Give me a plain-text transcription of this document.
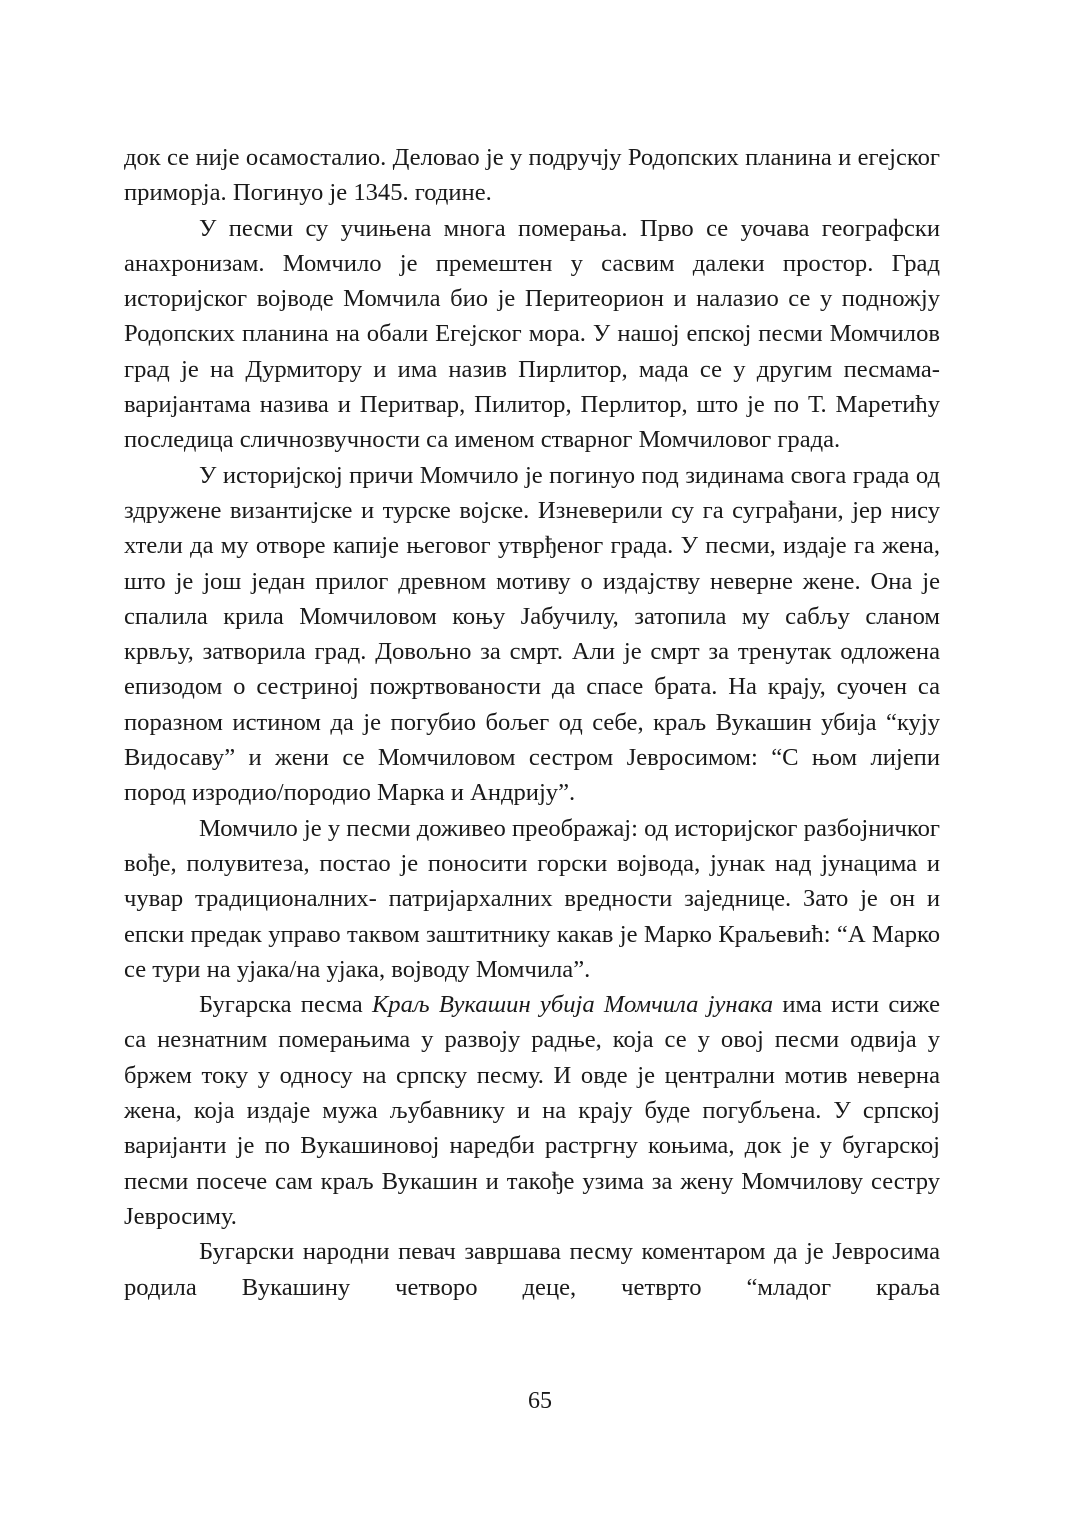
док се није осамосталио. Деловао је у подручју Родопских планина и егејског приморја. Погинуо је 1345. године.

У песми су учињена многа померања. Прво се уочава географски анахронизам. Момчило је премештен у сасвим далеки простор. Град историјског војводе Момчила био је Перитеорион и налазио се у подножју Родопских планина на обали Егејског мора. У нашој епској песми Момчилов град је на Дурмитору и има назив Пирлитор, мада се у другим песмама-варијантама назива и Перитвар, Пилитор, Перлитор, што је по Т. Маретићу последица сличнозвучности са именом стварног Момчиловог града.

У историјској причи Момчило је погинуо под зидинама свога града од здружене византијске и турске војске. Изневерили су га суграђани, јер нису хтели да му отворе капије његовог утврђеног града. У песми, издаје га жена, што је још један прилог древном мотиву о издајству неверне жене. Она је спалила крила Момчиловом коњу Јабучилу, затопила му сабљу сланом крвљу, затворила град. Довољно за смрт. Али је смрт за тренутак одложена епизодом о сестриној пожртвованости да спасе брата. На крају, суочен са поразном истином да је погубио бољег од себе, краљ Вукашин убија “кују Видосаву” и жени се Момчиловом сестром Јевросимом: “С њом лијепи пород изродио/породио Марка и Андрију”.

Момчило је у песми доживео преображај: од историјског разбојничког вође, полувитеза, постао је поносити горски војвода, јунак над јунацима и чувар традиционалних- патријархалних вредности заједнице. Зато је он и епски предак управо таквом заштитнику какав је Марко Краљевић: “А Марко се тури на ујака/на ујака, војводу Момчила”.

Бугарска песма Краљ Вукашин убија Момчила јунака има исти сиже са незнатним померањима у развоју радње, која се у овој песми одвија у бржем току у односу на српску песму. И овде је централни мотив неверна жена, која издаје мужа љубавнику и на крају буде погубљена. У српској варијанти је по Вукашиновој наредби растргну коњима, док је у бугарској песми посече сам краљ Вукашин и такође узима за жену Момчилову сестру Јевросиму.

Бугарски народни певач завршава песму коментаром да је Јевросима родила Вукашину четворо деце, четврто “младог краља

65
